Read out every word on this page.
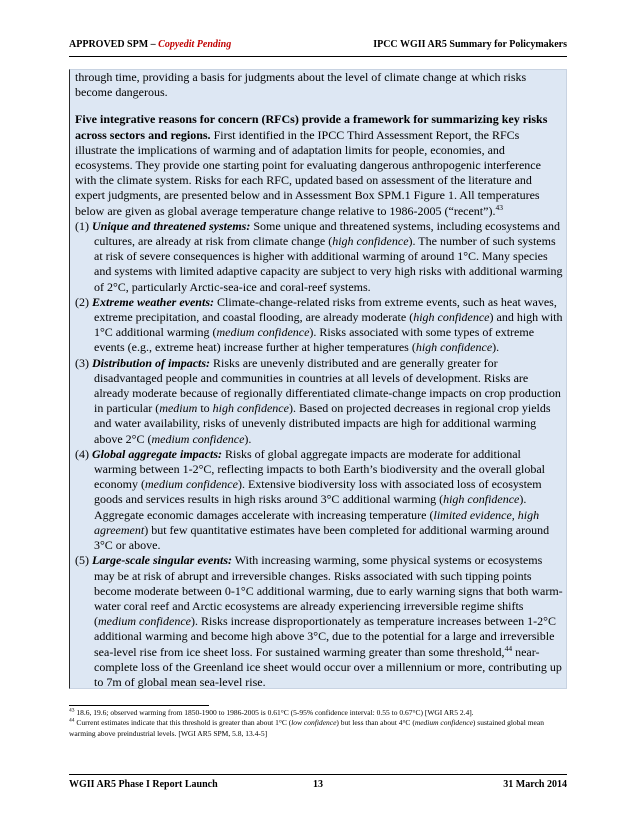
APPROVED SPM – Copyedit Pending	IPCC WGII AR5 Summary for Policymakers

through time, providing a basis for judgments about the level of climate change at which risks become dangerous.

Five integrative reasons for concern (RFCs) provide a framework for summarizing key risks across sectors and regions. First identified in the IPCC Third Assessment Report, the RFCs illustrate the implications of warming and of adaptation limits for people, economies, and ecosystems. They provide one starting point for evaluating dangerous anthropogenic interference with the climate system. Risks for each RFC, updated based on assessment of the literature and expert judgments, are presented below and in Assessment Box SPM.1 Figure 1. All temperatures below are given as global average temperature change relative to 1986-2005 (“recent”).$^{43}$

(1) Unique and threatened systems: Some unique and threatened systems, including ecosystems and cultures, are already at risk from climate change (high confidence). The number of such systems at risk of severe consequences is higher with additional warming of around 1°C. Many species and systems with limited adaptive capacity are subject to very high risks with additional warming of 2°C, particularly Arctic-sea-ice and coral-reef systems.

(2) Extreme weather events: Climate-change-related risks from extreme events, such as heat waves, extreme precipitation, and coastal flooding, are already moderate (high confidence) and high with 1°C additional warming (medium confidence). Risks associated with some types of extreme events (e.g., extreme heat) increase further at higher temperatures (high confidence).

(3) Distribution of impacts: Risks are unevenly distributed and are generally greater for disadvantaged people and communities in countries at all levels of development. Risks are already moderate because of regionally differentiated climate-change impacts on crop production in particular (medium to high confidence). Based on projected decreases in regional crop yields and water availability, risks of unevenly distributed impacts are high for additional warming above 2°C (medium confidence).

(4) Global aggregate impacts: Risks of global aggregate impacts are moderate for additional warming between 1-2°C, reflecting impacts to both Earth’s biodiversity and the overall global economy (medium confidence). Extensive biodiversity loss with associated loss of ecosystem goods and services results in high risks around 3°C additional warming (high confidence). Aggregate economic damages accelerate with increasing temperature (limited evidence, high agreement) but few quantitative estimates have been completed for additional warming around 3°C or above.

(5) Large-scale singular events: With increasing warming, some physical systems or ecosystems may be at risk of abrupt and irreversible changes. Risks associated with such tipping points become moderate between 0-1°C additional warming, due to early warning signs that both warm-water coral reef and Arctic ecosystems are already experiencing irreversible regime shifts (medium confidence). Risks increase disproportionately as temperature increases between 1-2°C additional warming and become high above 3°C, due to the potential for a large and irreversible sea-level rise from ice sheet loss. For sustained warming greater than some threshold,$^{44}$ near-complete loss of the Greenland ice sheet would occur over a millennium or more, contributing up to 7m of global mean sea-level rise.

$^{43}$ 18.6, 19.6; observed warming from 1850-1900 to 1986-2005 is 0.61°C (5-95% confidence interval: 0.55 to 0.67°C) [WGI AR5 2.4].

$^{44}$ Current estimates indicate that this threshold is greater than about 1°C (low confidence) but less than about 4°C (medium confidence) sustained global mean warming above preindustrial levels. [WGI AR5 SPM, 5.8, 13.4-5]

WGII AR5 Phase I Report Launch	13	31 March 2014
